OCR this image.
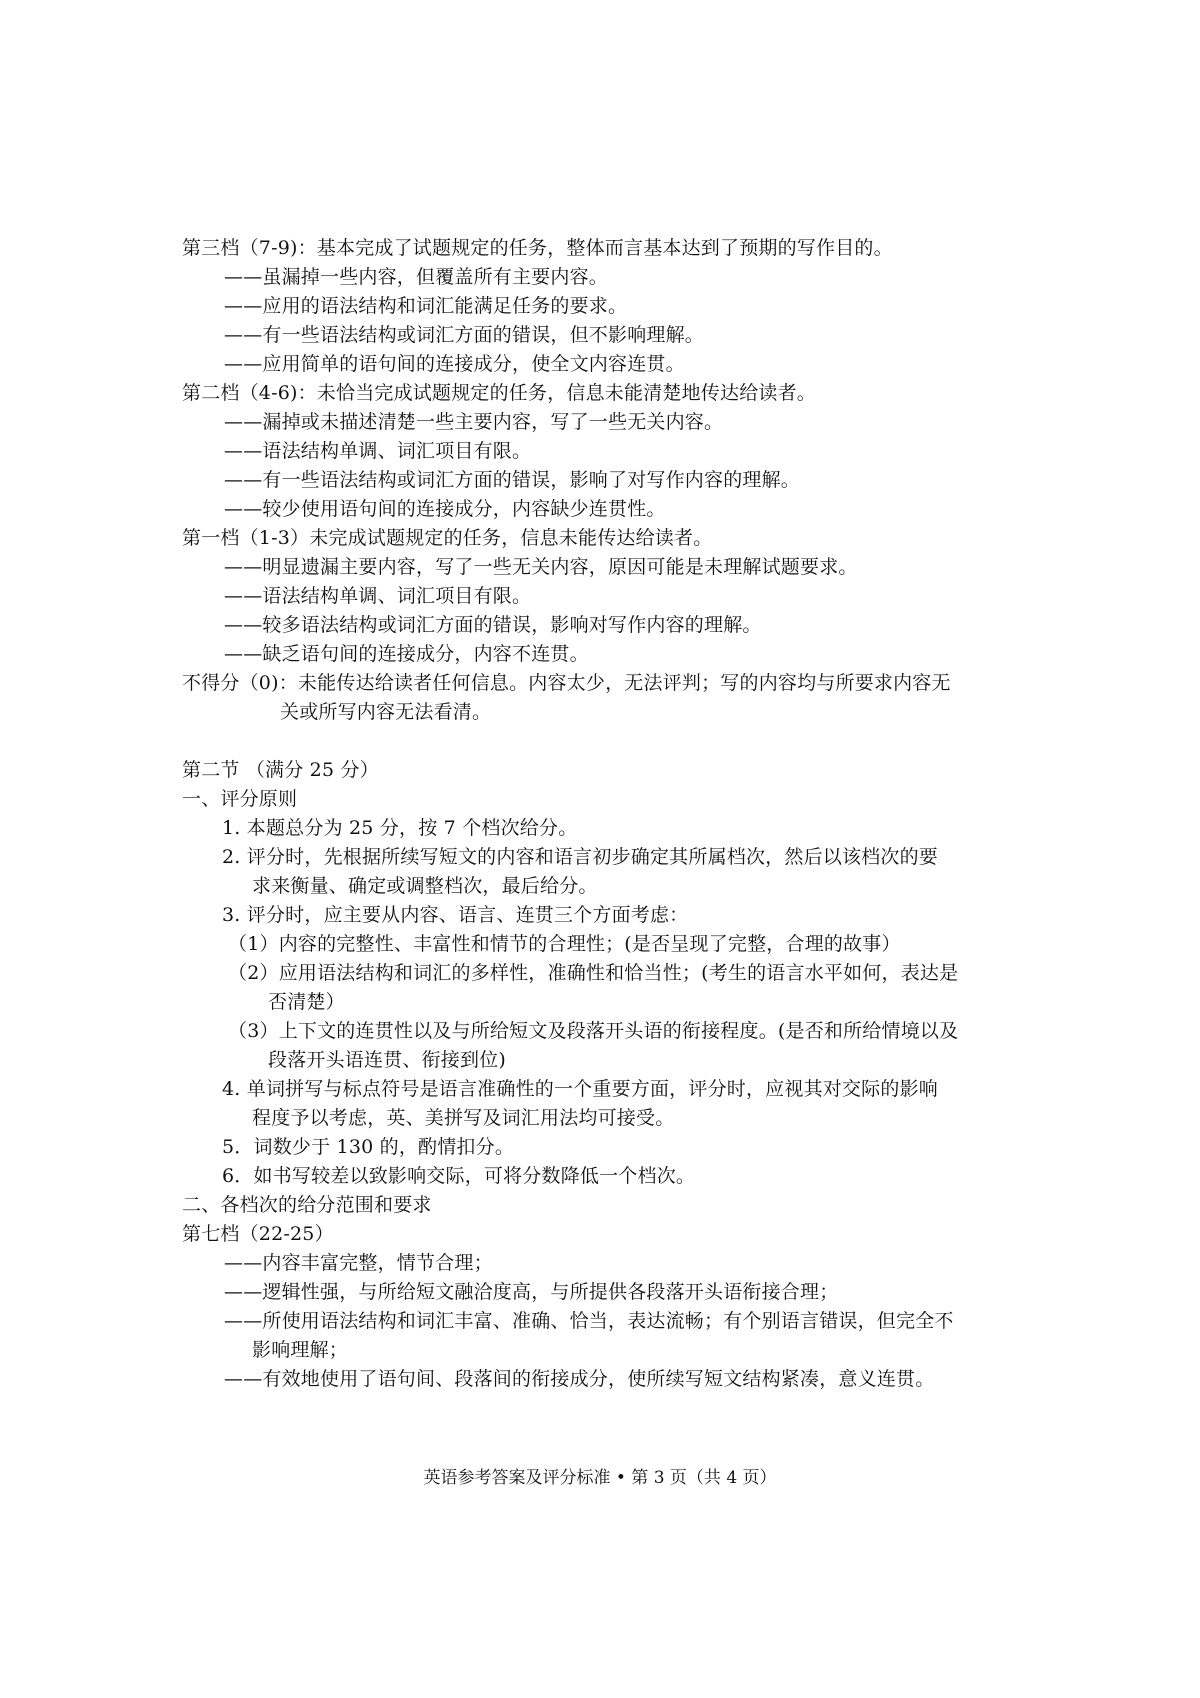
第三档（7-9)：基本完成了试题规定的任务，整体而言基本达到了预期的写作目的。
——虽漏掉一些内容，但覆盖所有主要内容。
——应用的语法结构和词汇能满足任务的要求。
——有一些语法结构或词汇方面的错误，但不影响理解。
——应用简单的语句间的连接成分，使全文内容连贯。
第二档（4-6)：未恰当完成试题规定的任务，信息未能清楚地传达给读者。
——漏掉或未描述清楚一些主要内容，写了一些无关内容。
——语法结构单调、词汇项目有限。
——有一些语法结构或词汇方面的错误，影响了对写作内容的理解。
——较少使用语句间的连接成分，内容缺少连贯性。
第一档（1-3）未完成试题规定的任务，信息未能传达给读者。
——明显遗漏主要内容，写了一些无关内容，原因可能是未理解试题要求。
——语法结构单调、词汇项目有限。
——较多语法结构或词汇方面的错误，影响对写作内容的理解。
——缺乏语句间的连接成分，内容不连贯。
不得分（0)：未能传达给读者任何信息。内容太少，无法评判；写的内容均与所要求内容无
关或所写内容无法看清。
第二节 （满分 25 分）
一、评分原则
1. 本题总分为 25 分，按 7 个档次给分。
2. 评分时，先根据所续写短文的内容和语言初步确定其所属档次，然后以该档次的要
求来衡量、确定或调整档次，最后给分。
3. 评分时，应主要从内容、语言、连贯三个方面考虑：
（1）内容的完整性、丰富性和情节的合理性；(是否呈现了完整，合理的故事）
（2）应用语法结构和词汇的多样性，准确性和恰当性；(考生的语言水平如何，表达是
否清楚）
（3）上下文的连贯性以及与所给短文及段落开头语的衔接程度。(是否和所给情境以及
段落开头语连贯、衔接到位)
4. 单词拼写与标点符号是语言准确性的一个重要方面，评分时，应视其对交际的影响
程度予以考虑，英、美拼写及词汇用法均可接受。
5．词数少于 130 的，酌情扣分。
6．如书写较差以致影响交际，可将分数降低一个档次。
二、各档次的给分范围和要求
第七档（22-25）
——内容丰富完整，情节合理；
——逻辑性强，与所给短文融洽度高，与所提供各段落开头语衔接合理；
——所使用语法结构和词汇丰富、准确、恰当，表达流畅；有个别语言错误，但完全不
影响理解；
——有效地使用了语句间、段落间的衔接成分，使所续写短文结构紧凑，意义连贯。
英语参考答案及评分标准 • 第 3 页（共 4 页）
